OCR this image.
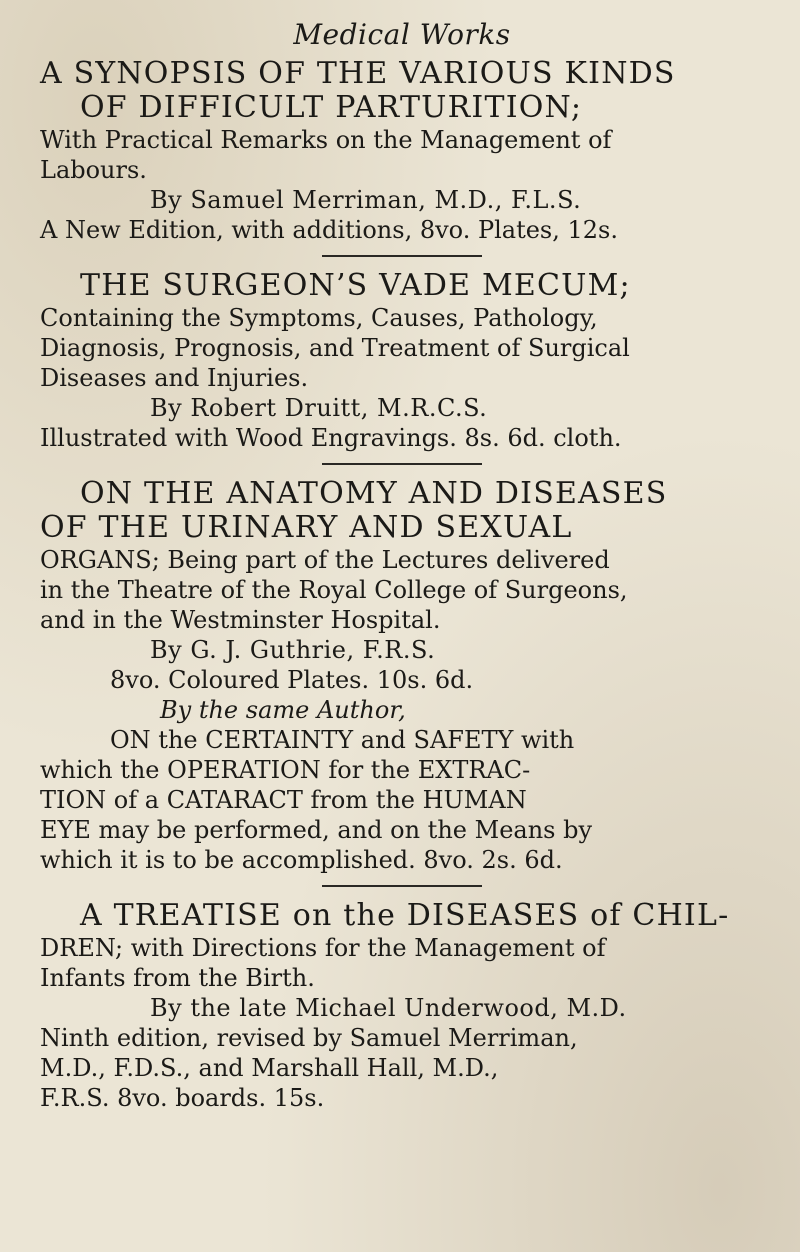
Medical Works

A SYNOPSIS OF THE VARIOUS KINDS

OF DIFFICULT PARTURITION;

With Practical Remarks on the Management of

Labours.

By Samuel Merriman, M.D., F.L.S.

A New Edition, with additions, 8vo. Plates, 12s.

THE SURGEON’S VADE MECUM;

Containing the Symptoms, Causes, Pathology,

Diagnosis, Prognosis, and Treatment of Surgical

Diseases and Injuries.

By Robert Druitt, M.R.C.S.

Illustrated with Wood Engravings. 8s. 6d. cloth.

ON THE ANATOMY AND DISEASES

OF THE URINARY AND SEXUAL

ORGANS; Being part of the Lectures delivered

in the Theatre of the Royal College of Surgeons,

and in the Westminster Hospital.

By G. J. Guthrie, F.R.S.

8vo. Coloured Plates. 10s. 6d.

By the same Author,

ON the CERTAINTY and SAFETY with

which the OPERATION for the EXTRAC-

TION of a CATARACT from the HUMAN

EYE may be performed, and on the Means by

which it is to be accomplished. 8vo. 2s. 6d.

A TREATISE on the DISEASES of CHIL-

DREN; with Directions for the Management of

Infants from the Birth.

By the late Michael Underwood, M.D.

Ninth edition, revised by Samuel Merriman,

M.D., F.D.S., and Marshall Hall, M.D.,

F.R.S. 8vo. boards. 15s.
